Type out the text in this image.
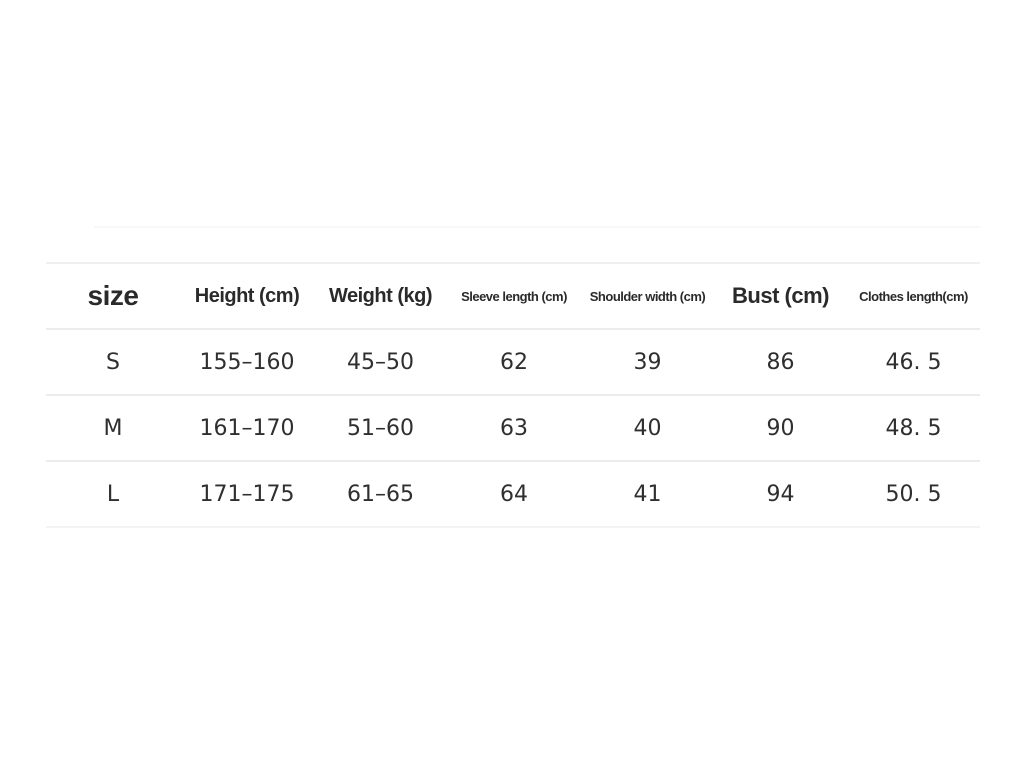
size	Height (cm)	Weight (kg)	Sleeve length (cm)	Shoulder width (cm)	Bust (cm)	Clothes length(cm)
S	155–160	45–50	62	39	86	46. 5
M	161–170	51–60	63	40	90	48. 5
L	171–175	61–65	64	41	94	50. 5
